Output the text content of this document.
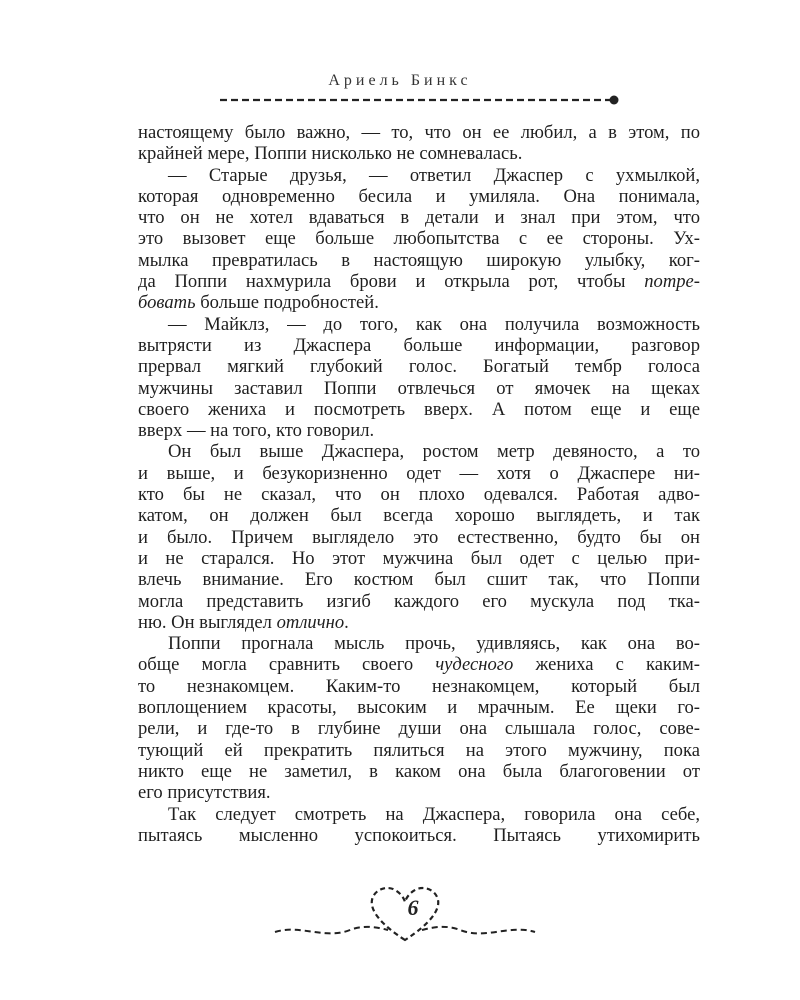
Ариель Бинкс

настоящему было важно, — то, что он ее любил, а в этом, по

крайней мере, Поппи нисколько не сомневалась.

— Старые друзья, — ответил Джаспер с ухмылкой,

которая одновременно бесила и умиляла. Она понимала,

что он не хотел вдаваться в детали и знал при этом, что

это вызовет еще больше любопытства с ее стороны. Ух-

мылка превратилась в настоящую широкую улыбку, ког-

да Поппи нахмурила брови и открыла рот, чтобы потре-

бовать больше подробностей.

— Майклз, — до того, как она получила возможность

вытрясти из Джаспера больше информации, разговор

прервал мягкий глубокий голос. Богатый тембр голоса

мужчины заставил Поппи отвлечься от ямочек на щеках

своего жениха и посмотреть вверх. А потом еще и еще

вверх — на того, кто говорил.

Он был выше Джаспера, ростом метр девяносто, а то

и выше, и безукоризненно одет — хотя о Джаспере ни-

кто бы не сказал, что он плохо одевался. Работая адво-

катом, он должен был всегда хорошо выглядеть, и так

и было. Причем выглядело это естественно, будто бы он

и не старался. Но этот мужчина был одет с целью при-

влечь внимание. Его костюм был сшит так, что Поппи

могла представить изгиб каждого его мускула под тка-

ню. Он выглядел отлично.

Поппи прогнала мысль прочь, удивляясь, как она во-

обще могла сравнить своего чудесного жениха с каким-

то незнакомцем. Каким-то незнакомцем, который был

воплощением красоты, высоким и мрачным. Ее щеки го-

рели, и где-то в глубине души она слышала голос, сове-

тующий ей прекратить пялиться на этого мужчину, пока

никто еще не заметил, в каком она была благоговении от

его присутствия.

Так следует смотреть на Джаспера, говорила она себе,

пытаясь мысленно успокоиться. Пытаясь утихомирить

6
